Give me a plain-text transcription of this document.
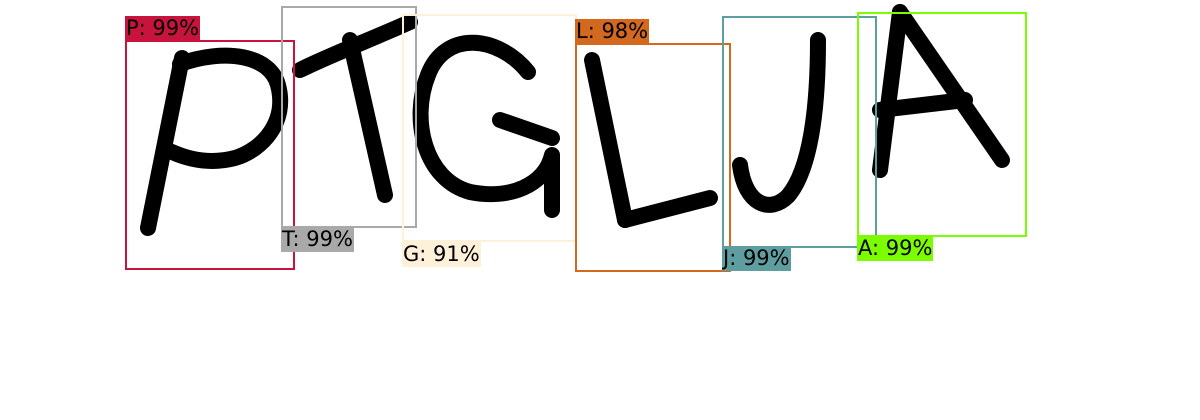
P: 99%
T: 99%
G: 91%
L: 98%
J: 99%	A: 99%
